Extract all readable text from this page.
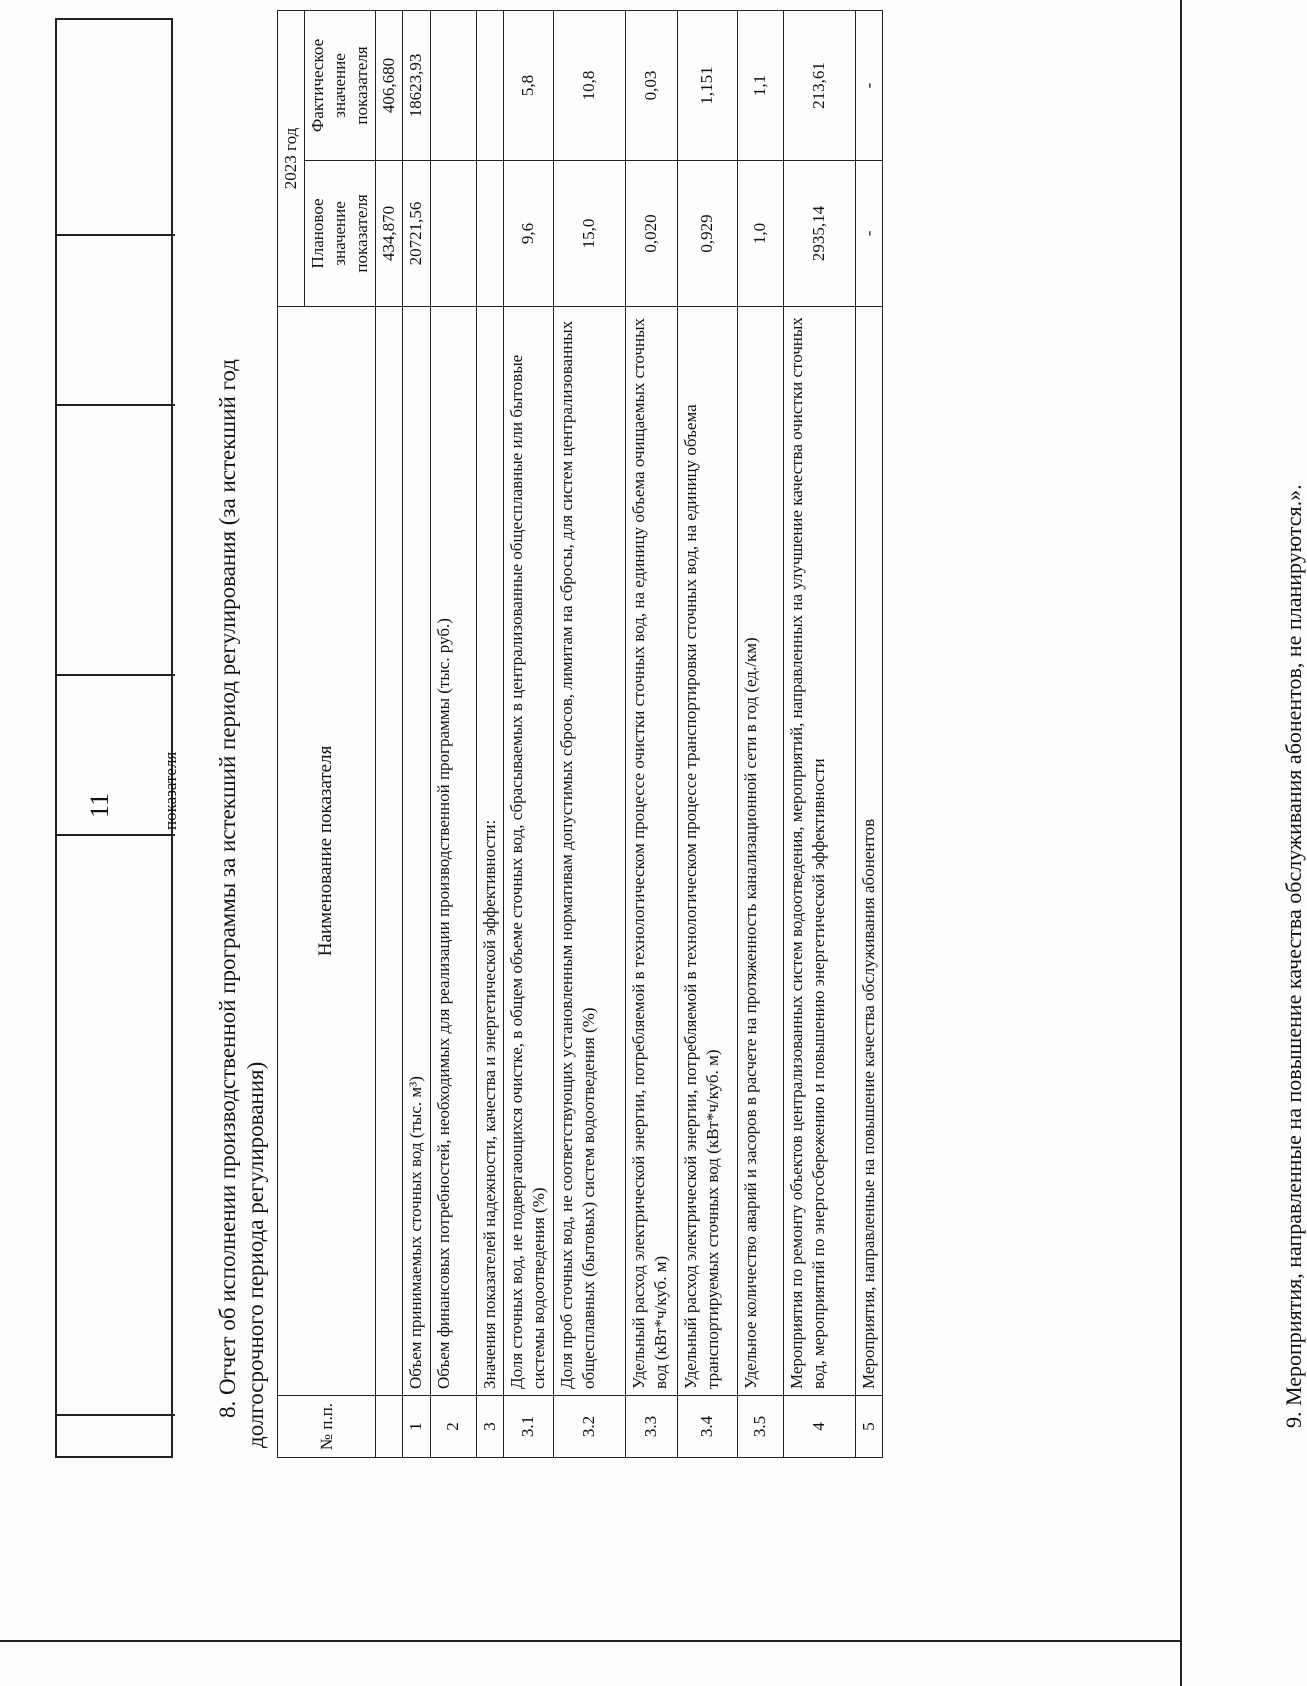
11	показателя 8. Отчет об исполнении производственной программы за истекший период регулирования (за истекший год долгосрочного периода регулирования)	№ п.п.	Наименование показателя	2023 год	
		Плановое значение показателя	Фактическое значение показателя
		434,870	406,680
1	Объем принимаемых сточных вод (тыс. м³)	20721,56	18623,93
2	Объем финансовых потребностей, необходимых для реализации производственной программы (тыс. руб.)		
3	Значения показателей надежности, качества и энергетической эффективности:		
3.1	Доля сточных вод, не подвергающихся очистке, в общем объеме сточных вод, сбрасываемых в централизованные общесплавные или бытовые системы водоотведения (%)	9,6	5,8
3.2	Доля проб сточных вод, не соответствующих установленным нормативам допустимых сбросов, лимитам на сбросы, для систем централизованных общесплавных (бытовых) систем водоотведения (%)	15,0	10,8
3.3	Удельный расход электрической энергии, потребляемой в технологическом процессе очистки сточных вод, на единицу объема очищаемых сточных вод (кВт*ч/куб. м)	0,020	0,03
3.4	Удельный расход электрической энергии, потребляемой в технологическом процессе транспортировки сточных вод, на единицу объема транспортируемых сточных вод (кВт*ч/куб. м)	0,929	1,151
3.5	Удельное количество аварий и засоров в расчете на протяженность канализационной сети в год (ед./км)	1,0	1,1
4	Мероприятия по ремонту объектов централизованных систем водоотведения, мероприятий, направленных на улучшение качества очистки сточных вод, мероприятий по энергосбережению и повышению энергетической эффективности	2935,14	213,61
5	Мероприятия, направленные на повышение качества обслуживания абонентов	-	-
9. Мероприятия, направленные на повышение качества обслуживания абонентов, не планируются.».
